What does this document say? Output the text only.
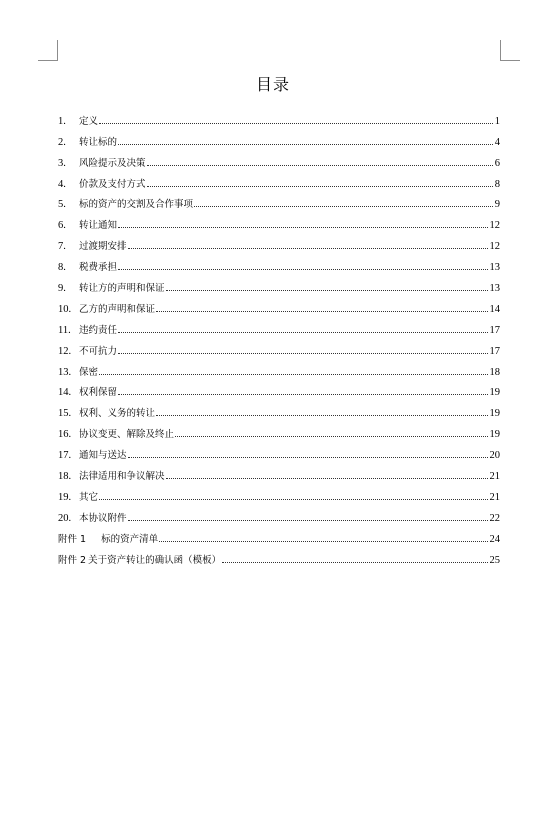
目录
1.	定义	1
2.	转让标的	4
3.	风险提示及决策	6
4.	价款及支付方式	8
5.	标的资产的交割及合作事项	9
6.	转让通知	12
7.	过渡期安排	12
8.	税费承担	13
9.	转让方的声明和保证	13
10. 乙方的声明和保证	14
11. 违约责任	17
12. 不可抗力	17
13. 保密	18
14. 权利保留	19
15. 权利、义务的转让	19
16. 协议变更、解除及终止	19
17. 通知与送达	20
18. 法律适用和争议解决	21
19. 其它	21
20. 本协议附件	22
附件 1 标的资产清单	24
附件 2 关于资产转让的确认函（模板）	25
